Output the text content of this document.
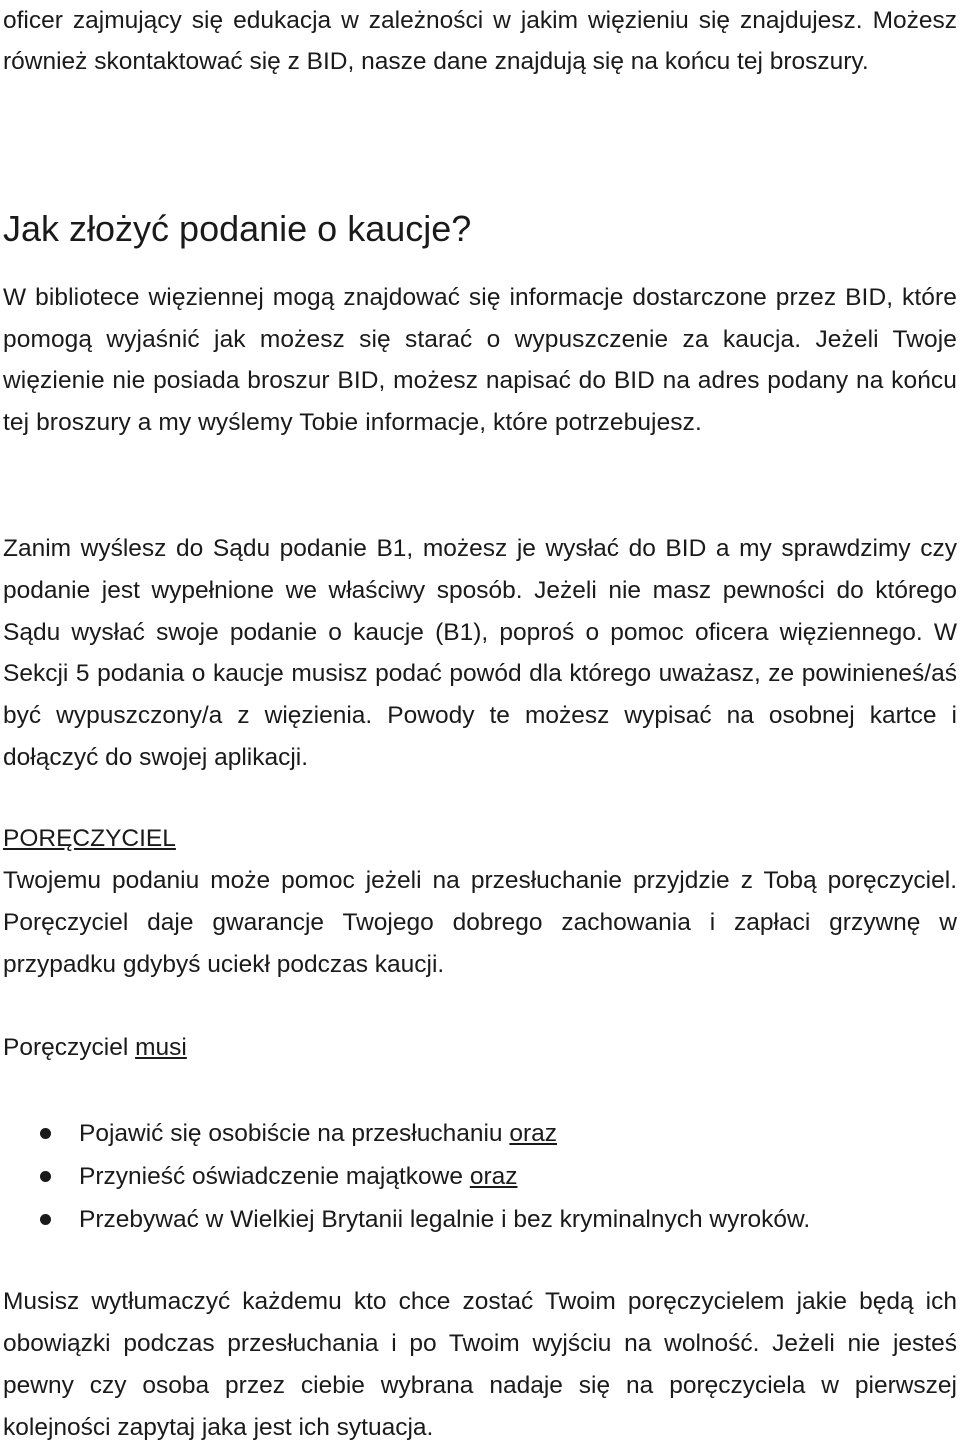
oficer zajmujący się edukacja w zależności w jakim więzieniu się znajdujesz. Możesz również skontaktować się z BID, nasze dane znajdują się na końcu tej broszury.

Jak złożyć podanie o kaucje?

W bibliotece więziennej mogą znajdować się informacje dostarczone przez BID, które pomogą wyjaśnić jak możesz się starać o wypuszczenie za kaucja. Jeżeli Twoje więzienie nie posiada broszur BID, możesz napisać do BID na adres podany na końcu tej broszury a my wyślemy Tobie informacje, które potrzebujesz.

Zanim wyślesz do Sądu podanie B1, możesz je wysłać do BID a my sprawdzimy czy podanie jest wypełnione we właściwy sposób. Jeżeli nie masz pewności do którego Sądu wysłać swoje podanie o kaucje (B1), poproś o pomoc oficera więziennego. W Sekcji 5 podania o kaucje musisz podać powód dla którego uważasz, ze powinieneś/aś być wypuszczony/a z więzienia. Powody te możesz wypisać na osobnej kartce i dołączyć do swojej aplikacji.

PORĘCZYCIEL

Twojemu podaniu może pomoc jeżeli na przesłuchanie przyjdzie z Tobą poręczyciel. Poręczyciel daje gwarancje Twojego dobrego zachowania i zapłaci grzywnę w przypadku gdybyś uciekł podczas kaucji.

Poręczyciel musi
Pojawić się osobiście na przesłuchaniu oraz
Przynieść oświadczenie majątkowe oraz
Przebywać w Wielkiej Brytanii legalnie i bez kryminalnych wyroków.

Musisz wytłumaczyć każdemu kto chce zostać Twoim poręczycielem jakie będą ich obowiązki podczas przesłuchania i po Twoim wyjściu na wolność. Jeżeli nie jesteś pewny czy osoba przez ciebie wybrana nadaje się na poręczyciela w pierwszej kolejności zapytaj jaka jest ich sytuacja.
